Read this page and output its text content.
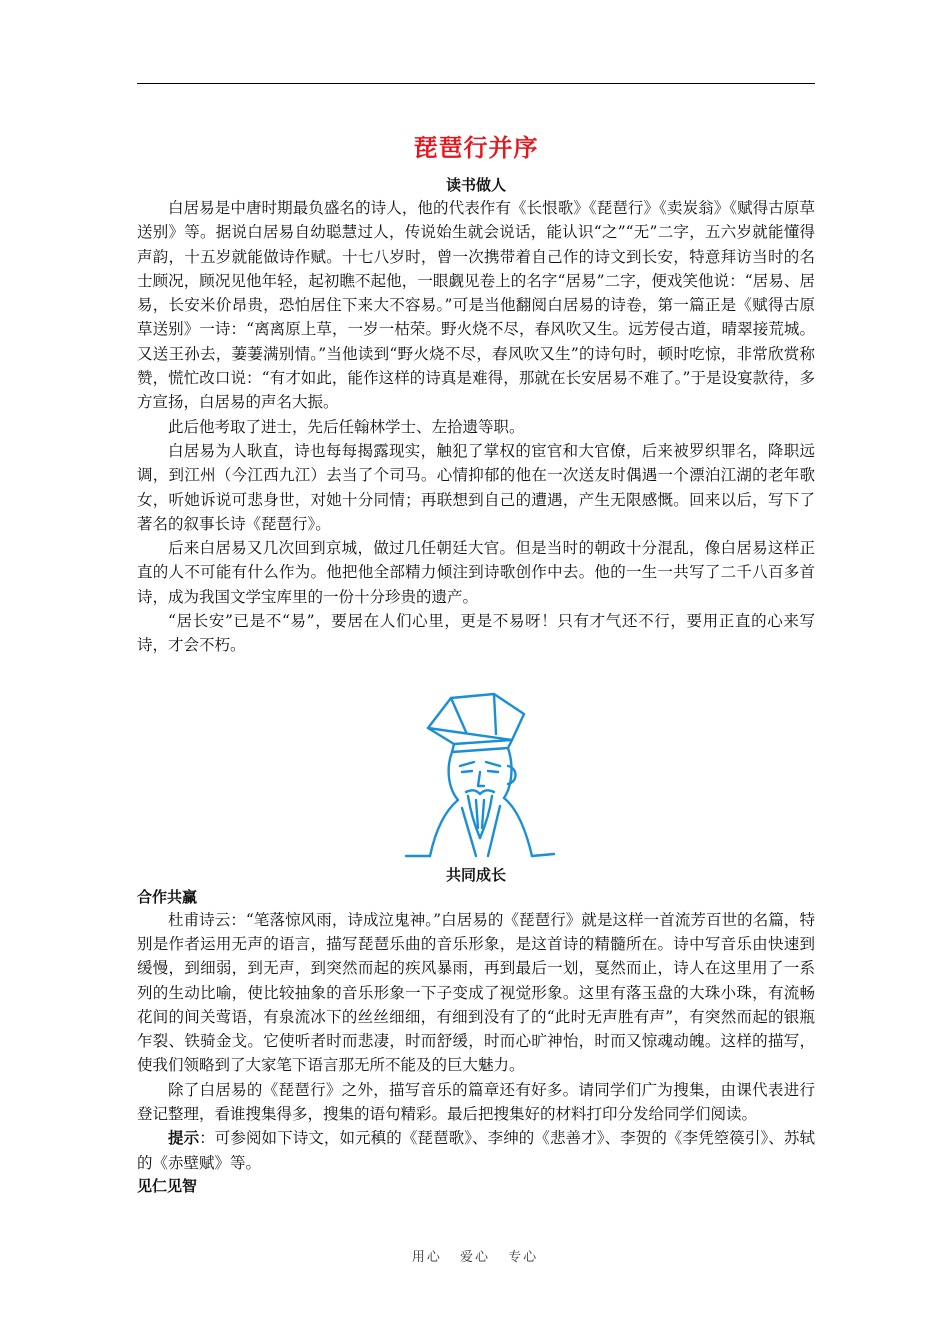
琵琶行并序
读书做人

白居易是中唐时期最负盛名的诗人，他的代表作有《长恨歌》《琵琶行》《卖炭翁》《赋得古原草送别》等。据说白居易自幼聪慧过人，传说始生就会说话，能认识“之”“无”二字，五六岁就能懂得声韵，十五岁就能做诗作赋。十七八岁时，曾一次携带着自己作的诗文到长安，特意拜访当时的名士顾况，顾况见他年轻，起初瞧不起他，一眼觑见卷上的名字“居易”二字，便戏笑他说：“居易、居易，长安米价昂贵，恐怕居住下来大不容易。”可是当他翻阅白居易的诗卷，第一篇正是《赋得古原草送别》一诗：“离离原上草，一岁一枯荣。野火烧不尽，春风吹又生。远芳侵古道，晴翠接荒城。又送王孙去，萋萋满别情。”当他读到“野火烧不尽，春风吹又生”的诗句时，顿时吃惊，非常欣赏称赞，慌忙改口说：“有才如此，能作这样的诗真是难得，那就在长安居易不难了。”于是设宴款待，多方宣扬，白居易的声名大振。

此后他考取了进士，先后任翰林学士、左拾遗等职。

白居易为人耿直，诗也每每揭露现实，触犯了掌权的宦官和大官僚，后来被罗织罪名，降职远调，到江州（今江西九江）去当了个司马。心情抑郁的他在一次送友时偶遇一个漂泊江湖的老年歌女，听她诉说可悲身世，对她十分同情；再联想到自己的遭遇，产生无限感慨。回来以后，写下了著名的叙事长诗《琵琶行》。

后来白居易又几次回到京城，做过几任朝廷大官。但是当时的朝政十分混乱，像白居易这样正直的人不可能有什么作为。他把他全部精力倾注到诗歌创作中去。他的一生一共写了二千八百多首诗，成为我国文学宝库里的一份十分珍贵的遗产。

“居长安”已是不“易”，要居在人们心里，更是不易呀！只有才气还不行，要用正直的心来写诗，才会不朽。

共同成长
合作共赢

杜甫诗云：“笔落惊风雨，诗成泣鬼神。”白居易的《琵琶行》就是这样一首流芳百世的名篇，特别是作者运用无声的语言，描写琵琶乐曲的音乐形象，是这首诗的精髓所在。诗中写音乐由快速到缓慢，到细弱，到无声，到突然而起的疾风暴雨，再到最后一划，戛然而止，诗人在这里用了一系列的生动比喻，使比较抽象的音乐形象一下子变成了视觉形象。这里有落玉盘的大珠小珠，有流畅花间的间关莺语，有泉流冰下的丝丝细细，有细到没有了的“此时无声胜有声”，有突然而起的银瓶乍裂、铁骑金戈。它使听者时而悲凄，时而舒缓，时而心旷神怡，时而又惊魂动魄。这样的描写，使我们领略到了大家笔下语言那无所不能及的巨大魅力。

除了白居易的《琵琶行》之外，描写音乐的篇章还有好多。请同学们广为搜集，由课代表进行登记整理，看谁搜集得多，搜集的语句精彩。最后把搜集好的材料打印分发给同学们阅读。

提示：可参阅如下诗文，如元稹的《琵琶歌》、李绅的《悲善才》、李贺的《李凭箜篌引》、苏轼的《赤壁赋》等。

见仁见智
用心 爱心 专心
